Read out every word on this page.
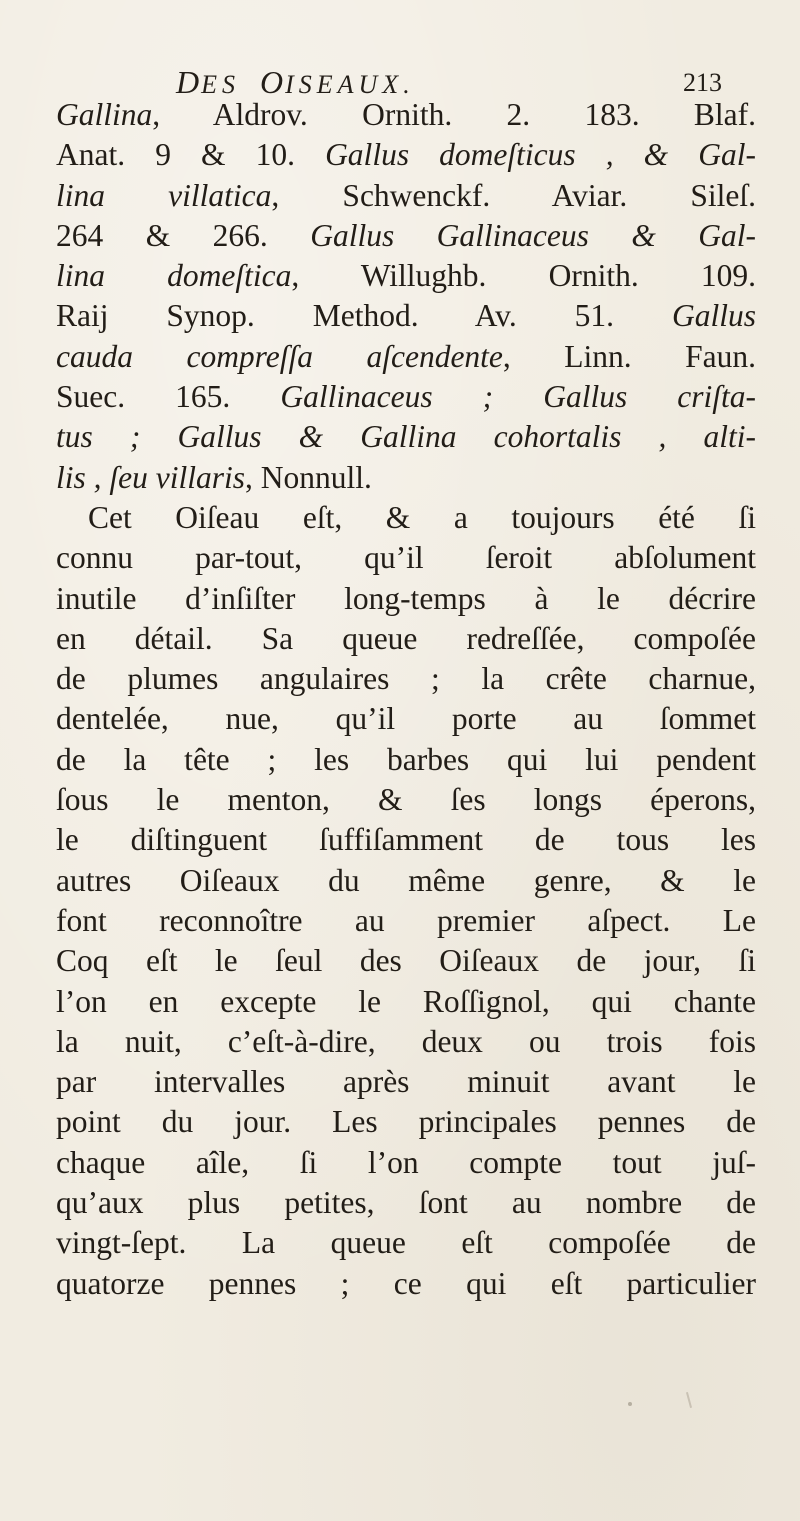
DES OISEAUX.	213
Gallina, Aldrov. Ornith. 2. 183. Blaf.
Anat. 9 & 10. Gallus domeſticus , & Gal-
lina villatica, Schwenckf. Aviar. Sileſ.
264 & 266. Gallus Gallinaceus & Gal-
lina domeſtica, Willughb. Ornith. 109.
Raij Synop. Method. Av. 51. Gallus
cauda compreſſa aſcendente, Linn. Faun.
Suec. 165. Gallinaceus ; Gallus criſta-
tus ; Gallus & Gallina cohortalis , alti-
lis , ſeu villaris, Nonnull.
Cet Oiſeau eſt, & a toujours été ſi
connu par-tout, qu’il ſeroit abſolument
inutile d’inſiſter long-temps à le décrire
en détail. Sa queue redreſſée, compoſée
de plumes angulaires ; la crête charnue,
dentelée, nue, qu’il porte au ſommet
de la tête ; les barbes qui lui pendent
ſous le menton, & ſes longs éperons,
le diſtinguent ſuffiſamment de tous les
autres Oiſeaux du même genre, & le
font reconnoître au premier aſpect. Le
Coq eſt le ſeul des Oiſeaux de jour, ſi
l’on en excepte le Roſſignol, qui chante
la nuit, c’eſt-à-dire, deux ou trois fois
par intervalles après minuit avant le
point du jour. Les principales pennes de
chaque aîle, ſi l’on compte tout juſ-
qu’aux plus petites, ſont au nombre de
vingt-ſept. La queue eſt compoſée de
quatorze pennes ; ce qui eſt particulier
